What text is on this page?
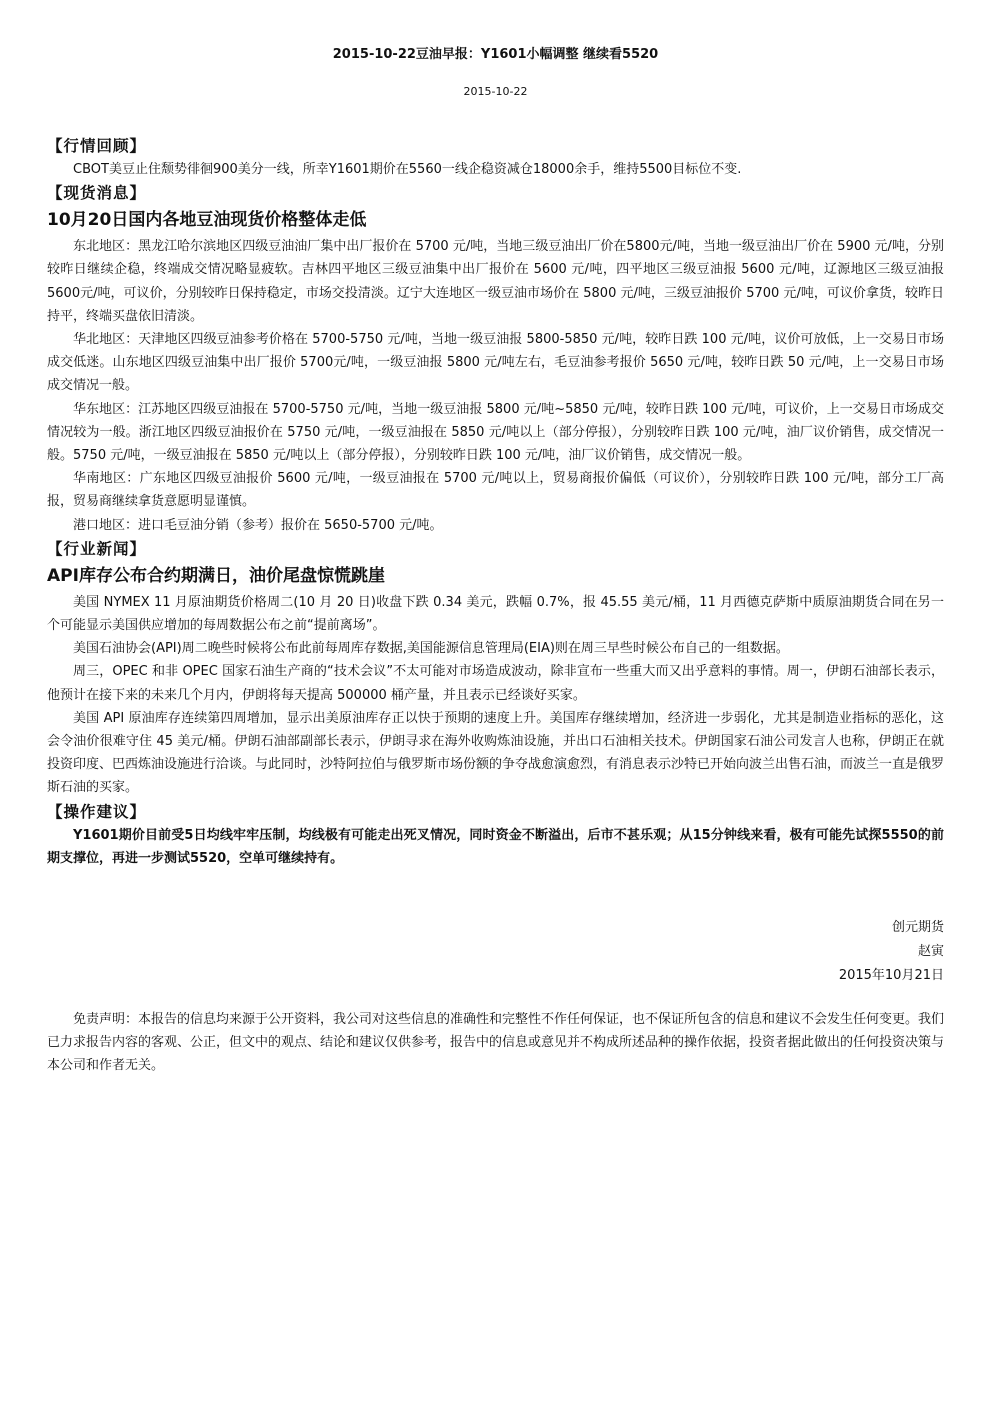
2015-10-22豆油早报：Y1601小幅调整 继续看5520
2015-10-22
【行情回顾】

CBOT美豆止住颓势徘徊900美分一线，所幸Y1601期价在5560一线企稳资减仓18000余手，维持5500目标位不变.

【现货消息】
10月20日国内各地豆油现货价格整体走低

东北地区：黑龙江哈尔滨地区四级豆油油厂集中出厂报价在 5700 元/吨，当地三级豆油出厂价在5800元/吨，当地一级豆油出厂价在 5900 元/吨，分别较昨日继续企稳，终端成交情况略显疲软。吉林四平地区三级豆油集中出厂报价在 5600 元/吨，四平地区三级豆油报 5600 元/吨，辽源地区三级豆油报 5600元/吨，可议价，分别较昨日保持稳定，市场交投清淡。辽宁大连地区一级豆油市场价在 5800 元/吨，三级豆油报价 5700 元/吨，可议价拿货，较昨日持平，终端买盘依旧清淡。

华北地区：天津地区四级豆油参考价格在 5700-5750 元/吨，当地一级豆油报 5800-5850 元/吨，较昨日跌 100 元/吨，议价可放低，上一交易日市场成交低迷。山东地区四级豆油集中出厂报价 5700元/吨，一级豆油报 5800 元/吨左右，毛豆油参考报价 5650 元/吨，较昨日跌 50 元/吨，上一交易日市场成交情况一般。

华东地区：江苏地区四级豆油报在 5700-5750 元/吨，当地一级豆油报 5800 元/吨~5850 元/吨，较昨日跌 100 元/吨，可议价，上一交易日市场成交情况较为一般。浙江地区四级豆油报价在 5750 元/吨，一级豆油报在 5850 元/吨以上（部分停报），分别较昨日跌 100 元/吨，油厂议价销售，成交情况一般。5750 元/吨，一级豆油报在 5850 元/吨以上（部分停报），分别较昨日跌 100 元/吨，油厂议价销售，成交情况一般。

华南地区：广东地区四级豆油报价 5600 元/吨，一级豆油报在 5700 元/吨以上，贸易商报价偏低（可议价），分别较昨日跌 100 元/吨，部分工厂高报，贸易商继续拿货意愿明显谨慎。

港口地区：进口毛豆油分销（参考）报价在 5650-5700 元/吨。

【行业新闻】
API库存公布合约期满日，油价尾盘惊慌跳崖

美国 NYMEX 11 月原油期货价格周二(10 月 20 日)收盘下跌 0.34 美元，跌幅 0.7%，报 45.55 美元/桶，11 月西德克萨斯中质原油期货合同在另一个可能显示美国供应增加的每周数据公布之前“提前离场”。

美国石油协会(API)周二晚些时候将公布此前每周库存数据,美国能源信息管理局(EIA)则在周三早些时候公布自己的一组数据。

周三，OPEC 和非 OPEC 国家石油生产商的“技术会议”不太可能对市场造成波动，除非宣布一些重大而又出乎意料的事情。周一，伊朗石油部长表示，他预计在接下来的未来几个月内，伊朗将每天提高 500000 桶产量，并且表示已经谈好买家。

美国 API 原油库存连续第四周增加，显示出美原油库存正以快于预期的速度上升。美国库存继续增加，经济进一步弱化，尤其是制造业指标的恶化，这会令油价很难守住 45 美元/桶。伊朗石油部副部长表示，伊朗寻求在海外收购炼油设施，并出口石油相关技术。伊朗国家石油公司发言人也称，伊朗正在就投资印度、巴西炼油设施进行洽谈。与此同时，沙特阿拉伯与俄罗斯市场份额的争夺战愈演愈烈，有消息表示沙特已开始向波兰出售石油，而波兰一直是俄罗斯石油的买家。

【操作建议】

Y1601期价目前受5日均线牢牢压制，均线极有可能走出死叉情况，同时资金不断溢出，后市不甚乐观；从15分钟线来看，极有可能先试探5550的前期支撑位，再进一步测试5520，空单可继续持有。

创元期货
赵寅
2015年10月21日
免责声明：本报告的信息均来源于公开资料，我公司对这些信息的准确性和完整性不作任何保证，也不保证所包含的信息和建议不会发生任何变更。我们已力求报告内容的客观、公正，但文中的观点、结论和建议仅供参考，报告中的信息或意见并不构成所述品种的操作依据，投资者据此做出的任何投资决策与本公司和作者无关。
